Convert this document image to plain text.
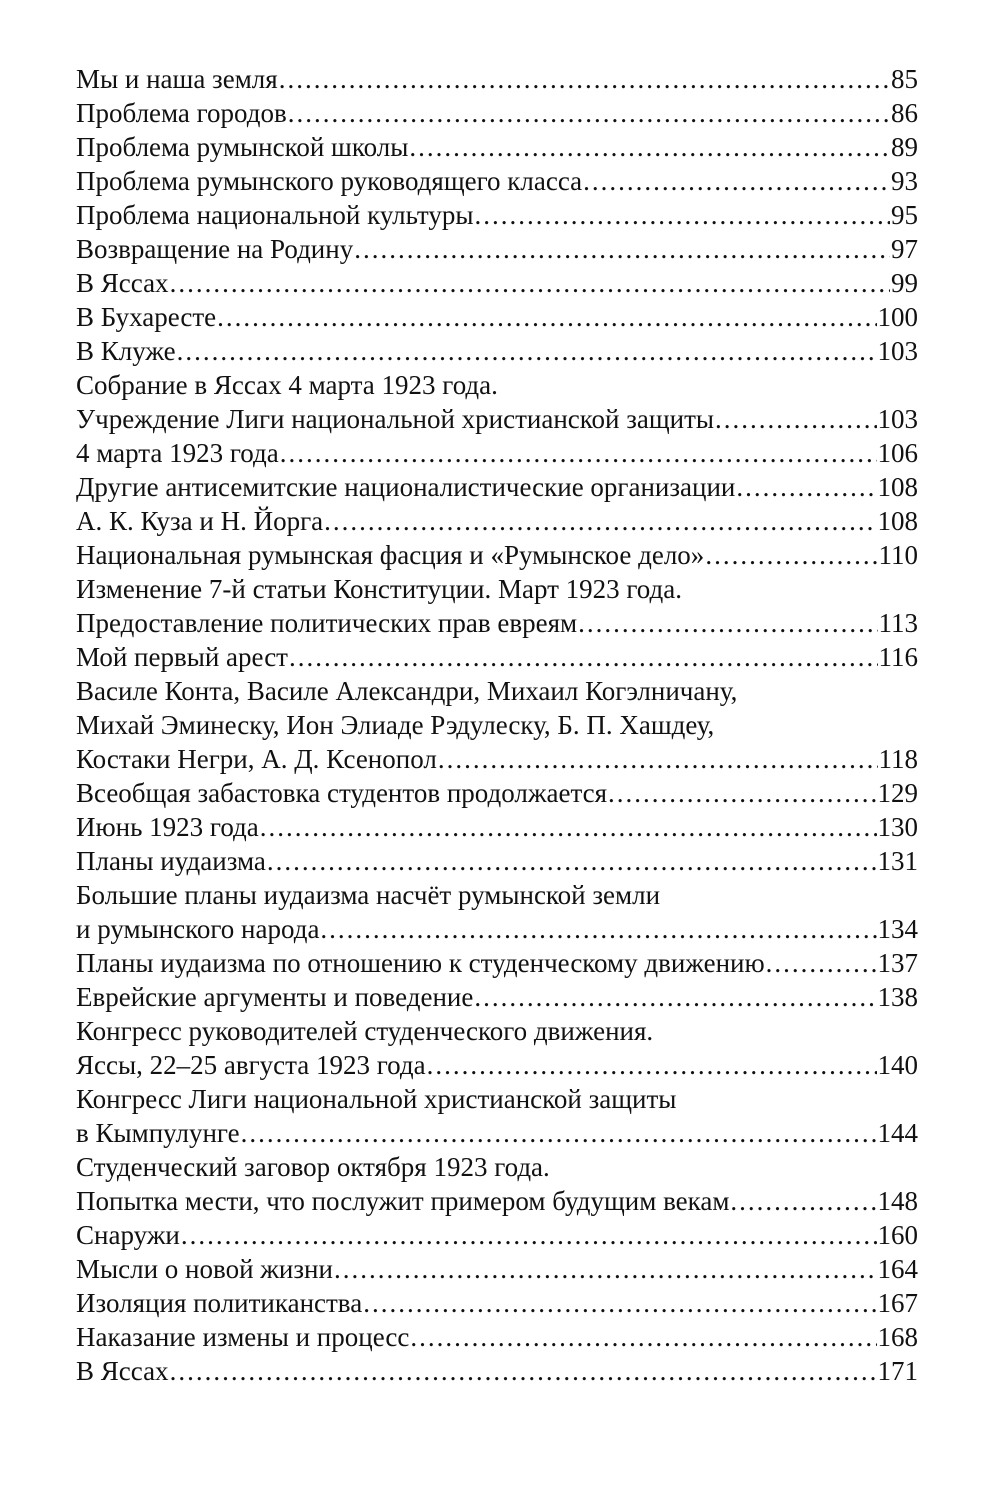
Мы и наша земля .....	85
Проблема городов .....	86
Проблема румынской школы .....	89
Проблема румынского руководящего класса .....	93
Проблема национальной культуры .....	95
Возвращение на Родину .....	97
В Яссах .....	99
В Бухаресте .....	100
В Клуже .....	103
Собрание в Яссах 4 марта 1923 года.
Учреждение Лиги национальной христианской защиты .....	103
4 марта 1923 года .....	106
Другие антисемитские националистические организации .....	108
А. К. Куза и Н. Йорга .....	108
Национальная румынская фасция и «Румынское дело» .....	110
Изменение 7-й статьи Конституции. Март 1923 года.
Предоставление политических прав евреям .....	113
Мой первый арест .....	116
Василе Конта, Василе Александри, Михаил Когэлничану,
Михай Эминеску, Ион Элиаде Рэдулеску, Б. П. Хашдеу,
Костаки Негри, А. Д. Ксенопол .....	118
Всеобщая забастовка студентов продолжается .....	129
Июнь 1923 года .....	130
Планы иудаизма .....	131
Большие планы иудаизма насчёт румынской земли
и румынского народа .....	134
Планы иудаизма по отношению к студенческому движению .....	137
Еврейские аргументы и поведение .....	138
Конгресс руководителей студенческого движения.
Яссы, 22–25 августа 1923 года .....	140
Конгресс Лиги национальной христианской защиты
в Кымпулунге .....	144
Студенческий заговор октября 1923 года.
Попытка мести, что послужит примером будущим векам .....	148
Снаружи .....	160
Мысли о новой жизни .....	164
Изоляция политиканства .....	167
Наказание измены и процесс .....	168
В Яссах .....	171
